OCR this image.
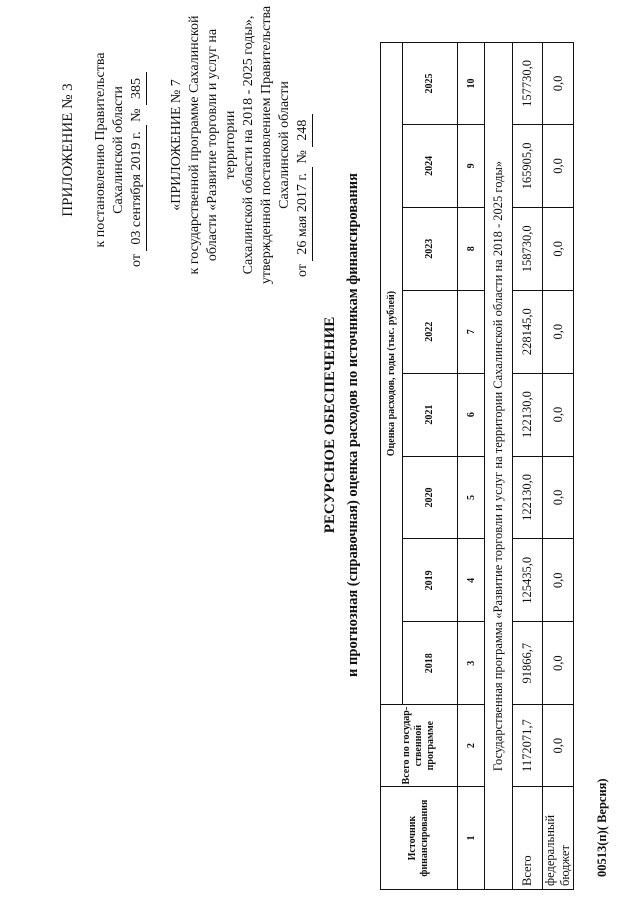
ПРИЛОЖЕНИЕ № 3 к постановлению Правительства Сахалинской области
от 03 сентября 2019 г. № 385 «ПРИЛОЖЕНИЕ № 7 к государственной программе Сахалинской области «Развитие торговли и услуг на территории Сахалинской области на 2018 - 2025 годы», утвержденной постановлением Правительства Сахалинской области
от 26 мая 2017 г. № 248
РЕСУРСНОЕ ОБЕСПЕЧЕНИЕ и прогнозная (справочная) оценка расходов по источникам финансирования
Источник финансирования	Всего по государ- ственной программе	Оценка расходов, годы (тыс. рублей)							
		2018	2019	2020	2021	2022	2023	2024	2025
1	2	3	4	5	6	7	8	9	10
Государственная программа «Развитие торговли и услуг на территории Сахалинской области на 2018 - 2025 годы»									
Всего	1172071,7	91866,7	125435,0	122130,0	122130,0	228145,0	158730,0	165905,0	157730,0
федеральный бюджет	0,0	0,0	0,0	0,0	0,0	0,0	0,0	0,0	0,0
00513(п)( Версия)
